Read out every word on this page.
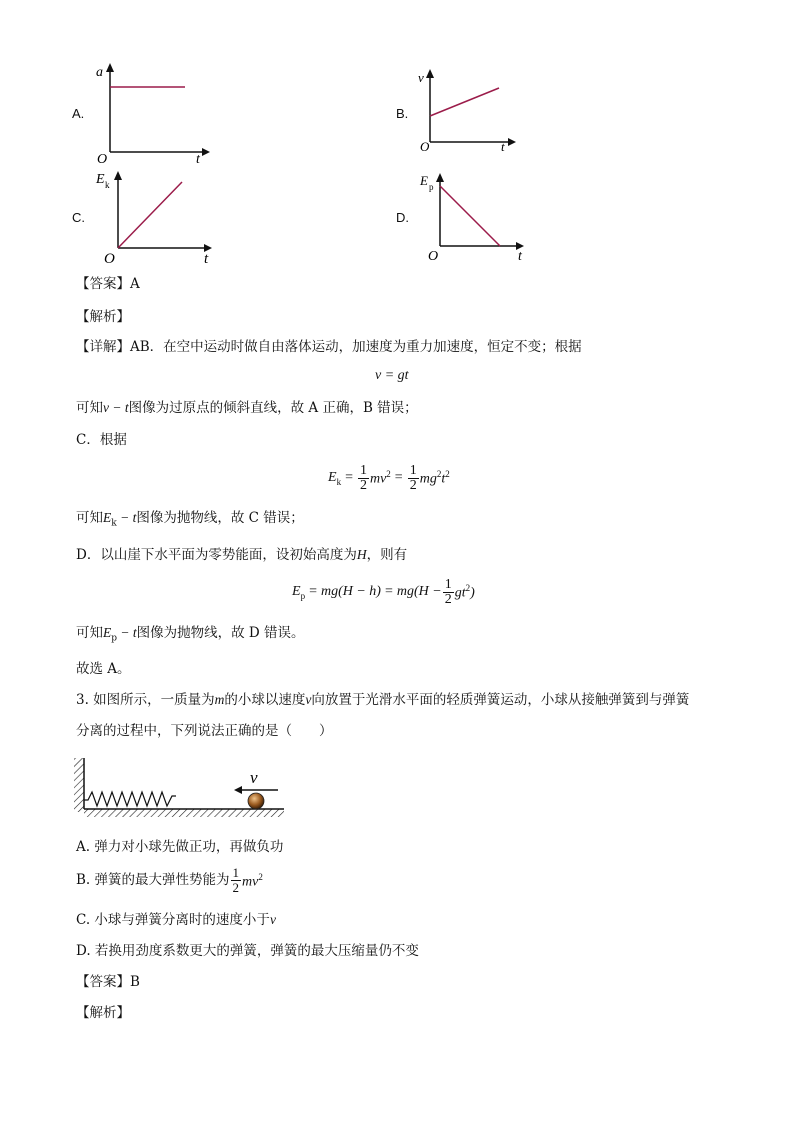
A.
a
O	t
B.
v
O	t
C.
E k
O	t
D.
E p
O	t
【答案】A
【解析】
【详解】AB．在空中运动时做自由落体运动，加速度为重力加速度，恒定不变；根据
v = gt
可知v − t图像为过原点的倾斜直线，故 A 正确，B 错误；
C．根据
$E_k = \frac{1}{2} mv^2 = \frac{1}{2} mg^2t^2$
可知$E_k - t$图像为抛物线，故 C 错误；
D．以山崖下水平面为零势能面，设初始高度为H，则有
$E_p = mg(H - h) = mg(H - \frac{1}{2} gt^2)$
可知$E_p - t$图像为抛物线，故 D 错误。
故选 A。
3. 如图所示，一质量为m的小球以速度v向放置于光滑水平面的轻质弹簧运动，小球从接触弹簧到与弹簧
分离的过程中，下列说法正确的是（　　）
v
A. 弹力对小球先做正功，再做负功
B. 弹簧的最大弹性势能为 $\frac{1}{2} mv^2$
C. 小球与弹簧分离时的速度小于v
D. 若换用劲度系数更大的弹簧，弹簧的最大压缩量仍不变
【答案】B
【解析】
